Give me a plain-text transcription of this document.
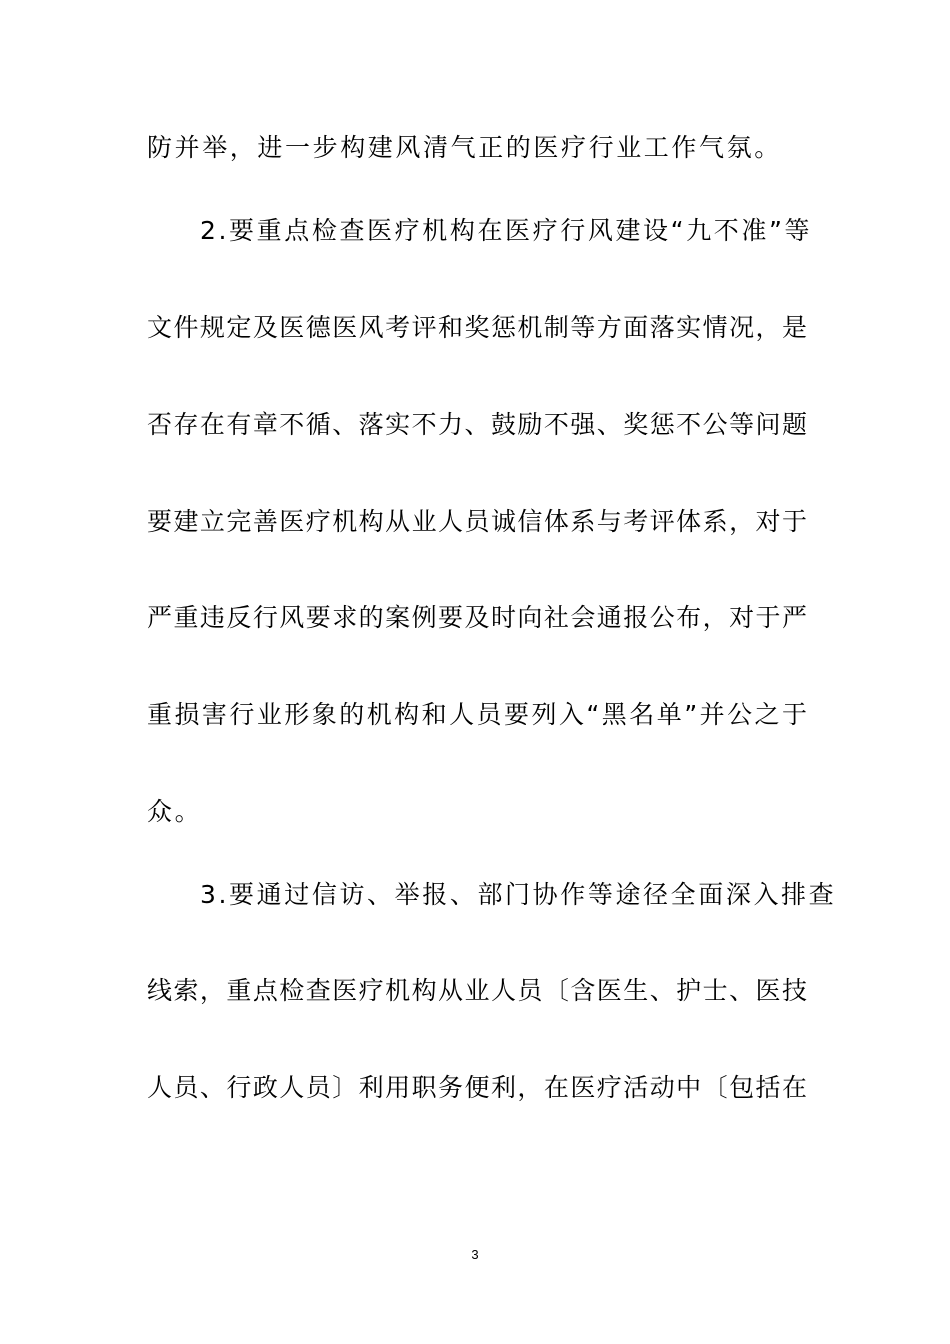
防并举，进一步构建风清气正的医疗行业工作气氛。
2.要重点检查医疗机构在医疗行风建设“九不准”等
文件规定及医德医风考评和奖惩机制等方面落实情况，是
否存在有章不循、落实不力、鼓励不强、奖惩不公等问题
要建立完善医疗机构从业人员诚信体系与考评体系，对于
严重违反行风要求的案例要及时向社会通报公布，对于严
重损害行业形象的机构和人员要列入“黑名单”并公之于
众。
3.要通过信访、举报、部门协作等途径全面深入排查
线索，重点检查医疗机构从业人员〔含医生、护士、医技
人员、行政人员〕利用职务便利，在医疗活动中〔包括在
3
